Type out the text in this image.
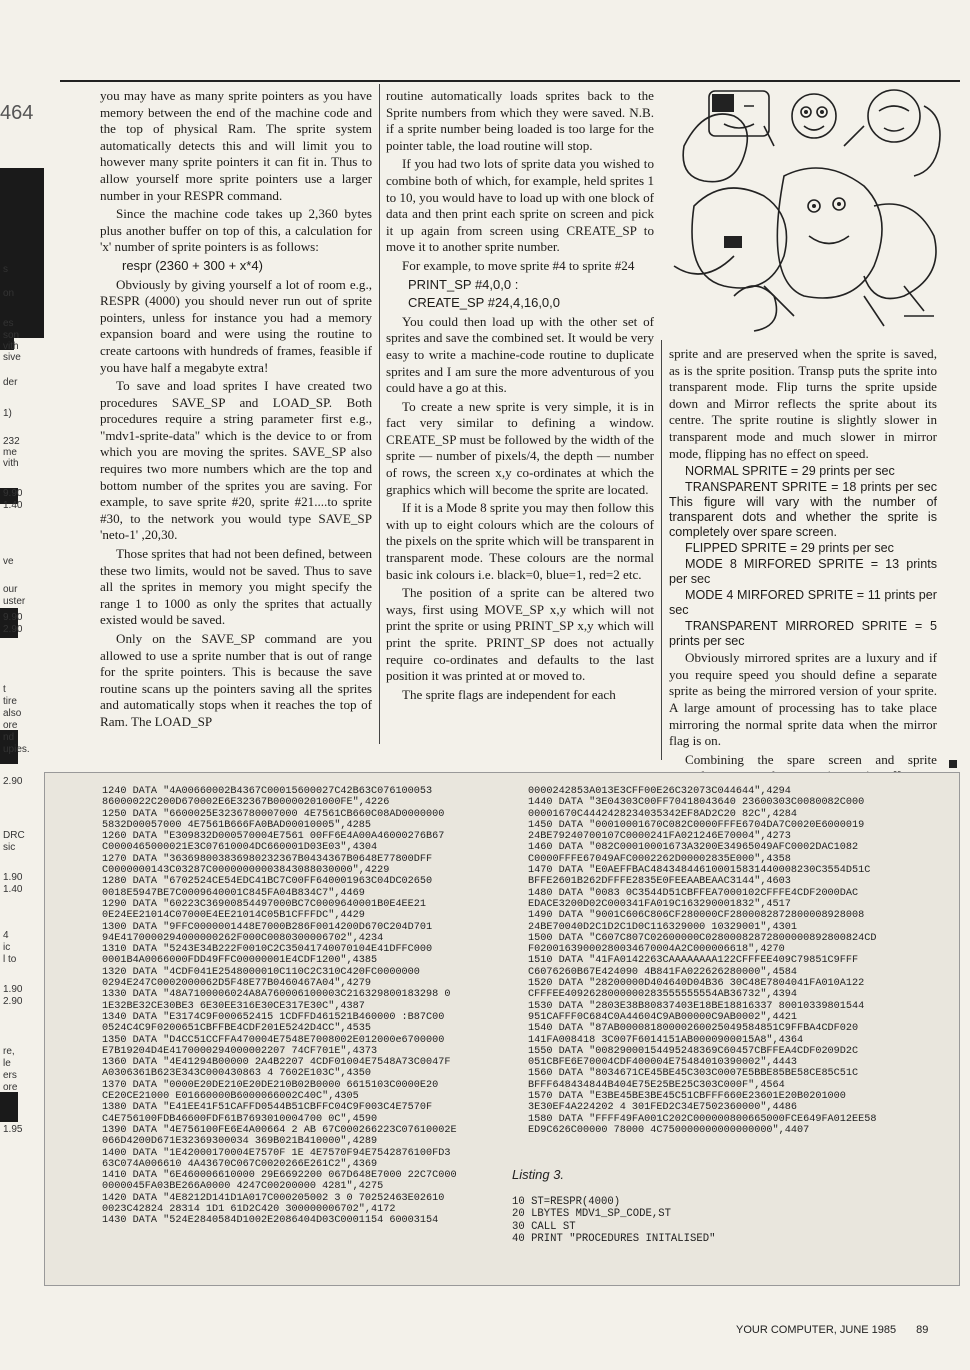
s
on
es
son
vith
sive
der
1)
232
me
vith
9.90
1.40
ve
our
uster
9.90
2.90
t
tire
also
ore
nd
upies.
2.90
DRC
sic
1.90
1.40
4
ic
l to
1.90
2.90
re,
le
ers
ore
1.95
464

you may have as many sprite pointers as you have memory between the end of the machine code and the top of physical Ram. The sprite system automatically detects this and will limit you to however many sprite pointers it can fit in. Thus to allow yourself more sprite pointers use a larger number in your RESPR command.

Since the machine code takes up 2,360 bytes plus another buffer on top of this, a calculation for 'x' number of sprite pointers is as follows:

respr (2360 + 300 + x*4)

Obviously by giving yourself a lot of room e.g., RESPR (4000) you should never run out of sprite pointers, unless for instance you had a memory expansion board and were using the routine to create cartoons with hundreds of frames, feasible if you have half a megabyte extra!

To save and load sprites I have created two procedures SAVE_SP and LOAD_SP. Both procedures require a string parameter first e.g., "mdv1-sprite-data" which is the device to or from which you are moving the sprites. SAVE_SP also requires two more numbers which are the top and bottom number of the sprites you are saving. For example, to save sprite #20, sprite #21....to sprite #30, to the network you would type SAVE_SP 'neto-1' ,20,30.

Those sprites that had not been defined, between these two limits, would not be saved. Thus to save all the sprites in memory you might specify the range 1 to 1000 as only the sprites that actually existed would be saved.

Only on the SAVE_SP command are you allowed to use a sprite number that is out of range for the sprite pointers. This is because the save routine scans up the pointers saving all the sprites and automatically stops when it reaches the top of Ram. The LOAD_SP

routine automatically loads sprites back to the Sprite numbers from which they were saved. N.B. if a sprite number being loaded is too large for the pointer table, the load routine will stop.

If you had two lots of sprite data you wished to combine both of which, for example, held sprites 1 to 10, you would have to load up with one block of data and then print each sprite on screen and pick it up again from screen using CREATE_SP to move it to another sprite number.

For example, to move sprite #4 to sprite #24

PRINT_SP #4,0,0 :

CREATE_SP #24,4,16,0,0

You could then load up with the other set of sprites and save the combined set. It would be very easy to write a machine-code routine to duplicate sprites and I am sure the more adventurous of you could have a go at this.

To create a new sprite is very simple, it is in fact very similar to defining a window. CREATE_SP must be followed by the width of the sprite — number of pixels/4, the depth — number of rows, the screen x,y co-ordinates at which the graphics which will become the sprite are located.

If it is a Mode 8 sprite you may then follow this with up to eight colours which are the colours of the pixels on the sprite which will be transparent in transparent mode. These colours are the normal basic ink colours i.e. black=0, blue=1, red=2 etc.

The position of a sprite can be altered two ways, first using MOVE_SP x,y which will not print the sprite or using PRINT_SP x,y which will print the sprite. PRINT_SP does not actually require co-ordinates and defaults to the last position it was printed at or moved to.

The sprite flags are independent for each

sprite and are preserved when the sprite is saved, as is the sprite position. Transp puts the sprite into transparent mode. Flip turns the sprite upside down and Mirror reflects the sprite about its centre. The sprite routine is slightly slower in transparent mode and much slower in mirror mode, flipping has no effect on speed.

NORMAL SPRITE = 29 prints per sec

TRANSPARENT SPRITE = 18 prints per sec This figure will vary with the number of transparent dots and whether the sprite is completely over spare screen.

FLIPPED SPRITE = 29 prints per sec

MODE 8 MIRFORED SPRITE = 13 prints per sec

MODE 4 MIRFORED SPRITE = 11 prints per sec

TRANSPARENT MIRRORED SPRITE = 5 prints per sec

Obviously mirrored sprites are a luxury and if you require speed you should define a separate sprite as being the mirrored version of your sprite. A large amount of processing has to take place mirroring the normal sprite data when the mirror flag is on.

Combining the spare screen and sprite

1240 DATA "4A00660002B4367C00015600027C42B63C076100053
86000022C200D670002E6E32367B00000201000FE",4226
1250 DATA "6600025E3236780007000 4E7561CB660C08AD0000000
5832D00057000 4E7561B666FA0BAD00010005",4285
1260 DATA "E309832D000570004E7561 00FF6E4A00A46000276B67
C0000465000021E3C07610004DC660001D03E03",4304
1270 DATA "363698003836980232367B0434367B0648E77800DFF
C0000000143C03287C00000000003843088030000",4229
1280 DATA "6702524CE54EDC41BC7C00FF640001963C04DC02650
0018E5947BE7C0009640001C845FA04B834C7",4469
1290 DATA "60223C36900854497000BC7C0009640001B0E4EE21
0E24EE21014C07000E4EE21014C05B1CFFFDC",4429
1300 DATA "9FFC0000001448E7000B286F0014200D670C204D701
94E4170000294000000262F000C0080300006702",4234
1310 DATA "5243E34B222F0010C2C35041740070104E41DFFC000
0001B4A0066000FDD49FFC00000001E4CDF1200",4385
1320 DATA "4CDF041E2548000010C110C2C310C420FC0000000
0294E247C0002000062D5F48E77B0460467A04",4279
1330 DATA "48A7100006024A8A760006100003C216329800183298 0
1E32BE32CE30BE3 6E30EE316E30CE317E30C",4387
1340 DATA "E3174C9F000652415 1CDFFD461521B460000 :B87C00
0524C4C9F0200651CBFFBE4CDF201E5242D4CC",4535
1350 DATA "D4CC51CCFFA470004E7548E7008002E012000e6700000
E7B19204D4E4170000294000002207 74CF701E",4373
1360 DATA "4E41294B00000 2A4B2207 4CDF01004E7548A73C0047F
A0306361B623E343C000430863 4 7602E103C",4350
1370 DATA "0000E20DE210E20DE210B02B0000 6615103C0000E20
CE20CE21000 E01660000B6000066002C40C",4305
1380 DATA "E41EE41F51CAFFD0544B51CBFFC04C9F003C4E7570F
C4E756100FDB46600FDF61B7693010004700 0C",4590
1390 DATA "4E756100FE6E4A00664 2 AB 67C000266223C07610002E
066D4200D671E32369300034 369B021B410000",4289
1400 DATA "1E42000170004E7570F 1E 4E7570F94E7542876100FD3
63C074A006610 4A43670C067C0020266E261C2",4369
1410 DATA "6E460006610000 29E6692200 067D648E7000 22C7C000
0000045FA03BE266A0000 4247C00200000 4281",4275
1420 DATA "4E8212D141D1A017C000205002 3 0 70252463E02610
0023C42824 28314 1D1 61D2C420 300000006702",4172
1430 DATA "524E2840584D1002E2086404D03C0001154 60003154
0000242853A013E3CFF00E26C32073C044644",4294
1440 DATA "3E04303C00FF70418043640 23600303C0080082C000
00001670C4442428234035342EF8AD2C20 82C",4284
1450 DATA "00010001670C082C0000FFFE6704DA7C0020E6000019
24BE79240700107C0000241FA021246E70004",4273
1460 DATA "082C00010001673A3200E34965049AFC0002DAC1082
C0000FFFE67049AFC0002262D00002835E000",4358
1470 DATA "E0AEFFBAC484348446100015831440008230C3554D51C
BFFE2601B262DFFFE2835E0FEEAABEAAC3144",4603
1480 DATA "0083 0C3544D51CBFFEA7000102CFFFE4CDF2000DAC
EDACE3200D02C000341FA019C163290001832",4517
1490 DATA "9001C606C806CF280000CF2800082872800008928008
24BE70040D2C1D2C1D0C116329000 10329001",4301
1500 DATA "C607C807C02600000C02800082872800000892800824CD
F02001639000280034670004A2C000006618",4270
1510 DATA "41FA0142263CAAAAAAAA122CFFFEE409C79851C9FFF
C6076260B67E424090 4B841FA022626280000",4584
1520 DATA "28200000D404640D04B36 30C48E7804041FA010A122
CFFFEE4092628000000283555555554AB36732",4394
1530 DATA "2803E38B80837403E18BE18816337 80010339801544
951CAFFF0C684C0A44604C9AB00000C9AB0002",4421
1540 DATA "87AB00008180000260025049584851C9FFBA4CDF020
141FA008418 3C007F6014151AB0000900015A8",4364
1550 DATA "00829000154495248369C60457CBFFEA4CDF0209D2C
051CBFE6E70004CDF400004E75484010390002",4443
1560 DATA "8034671CE45BE45C303C0007E5BBE85BE58CE85C51C
BFFF648434844B404E75E25BE25C303C000F",4564
1570 DATA "E3BE45BE3BE45C51CBFFF660E23601E20B0201000
3E30EF4A224202 4 301FED2C34E7502360000",4486
1580 DATA "FFFF49FA001C202C000000800665000FCE649FA012EE58
ED9C626C00000 78000 4C750000000000000000",4407
Listing 3.
10 ST=RESPR(4000)
20 LBYTES MDV1_SP_CODE,ST
30 CALL ST
40 PRINT "PROCEDURES INITALISED"
YOUR COMPUTER, JUNE 1985 89
